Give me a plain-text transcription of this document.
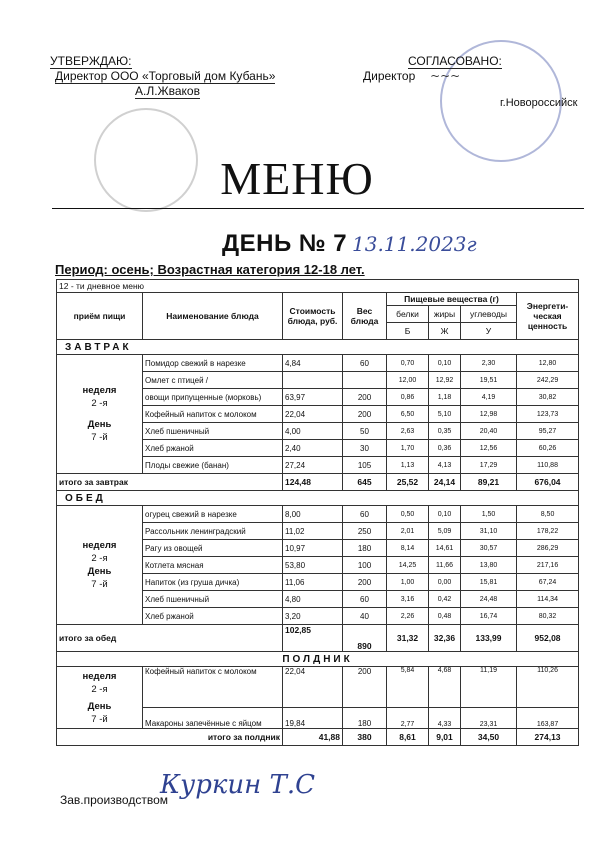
УТВЕРЖДАЮ:
Директор ООО «Торговый дом Кубань»
А.Л.Жваков
СОГЛАСОВАНО:
Директор    ~~~
г.Новороссийск
МЕНЮ
ДЕНЬ № 7 13.11.2023г
Период: осень; Возрастная категория 12-18 лет.
12 - ти дневное меню							
приём пищи	Наименование блюда	Стоимость блюда, руб.	Вес блюда	Пищевые вещества (г)			Энергети-ческая ценность
				белки	жиры	углеводы	
				Б	Ж	У	
ЗАВТРАК							

неделя
2 -я
День
7 -й	Помидор свежий в нарезке	4,84	60	0,70	0,10	2,30	12,80
	Омлет с птицей /			12,00	12,92	19,51	242,29
	овощи припущенные (морковь)	63,97	200	0,86	1,18	4,19	30,82
	Кофейный напиток с молоком	22,04	200	6,50	5,10	12,98	123,73
	Хлеб пшеничный	4,00	50	2,63	0,35	20,40	95,27
	Хлеб ржаной	2,40	30	1,70	0,36	12,56	60,26
	Плоды свежие (банан)	27,24	105	1,13	4,13	17,29	110,88
итого за завтрак		124,48	645	25,52	24,14	89,21	676,04
ОБЕД							

неделя
2 -я
День
7 -й	огурец свежий в нарезке	8,00	60	0,50	0,10	1,50	8,50
	Рассольник ленинградский	11,02	250	2,01	5,09	31,10	178,22
	Рагу из овощей	10,97	180	8,14	14,61	30,57	286,29
	Котлета мясная	53,80	100	14,25	11,66	13,80	217,16
	Напиток (из груша дичка)	11,06	200	1,00	0,00	15,81	67,24
	Хлеб пшеничный	4,80	60	3,16	0,42	24,48	114,34
	Хлеб ржаной	3,20	40	2,26	0,48	16,74	80,32
итого за обед		102,85	890	31,32	32,36	133,99	952,08
ПОЛДНИК							

неделя
2 -я
День
7 -й	Кофейный напиток с молоком	22,04	200	5,84	4,68	11,19	110,26
	Макароны запечённые с яйцом	19,84	180	2,77	4,33	23,31	163,87
итого за полдник		41,88	380	8,61	9,01	34,50	274,13
Куркин Т.С
Зав.производством
